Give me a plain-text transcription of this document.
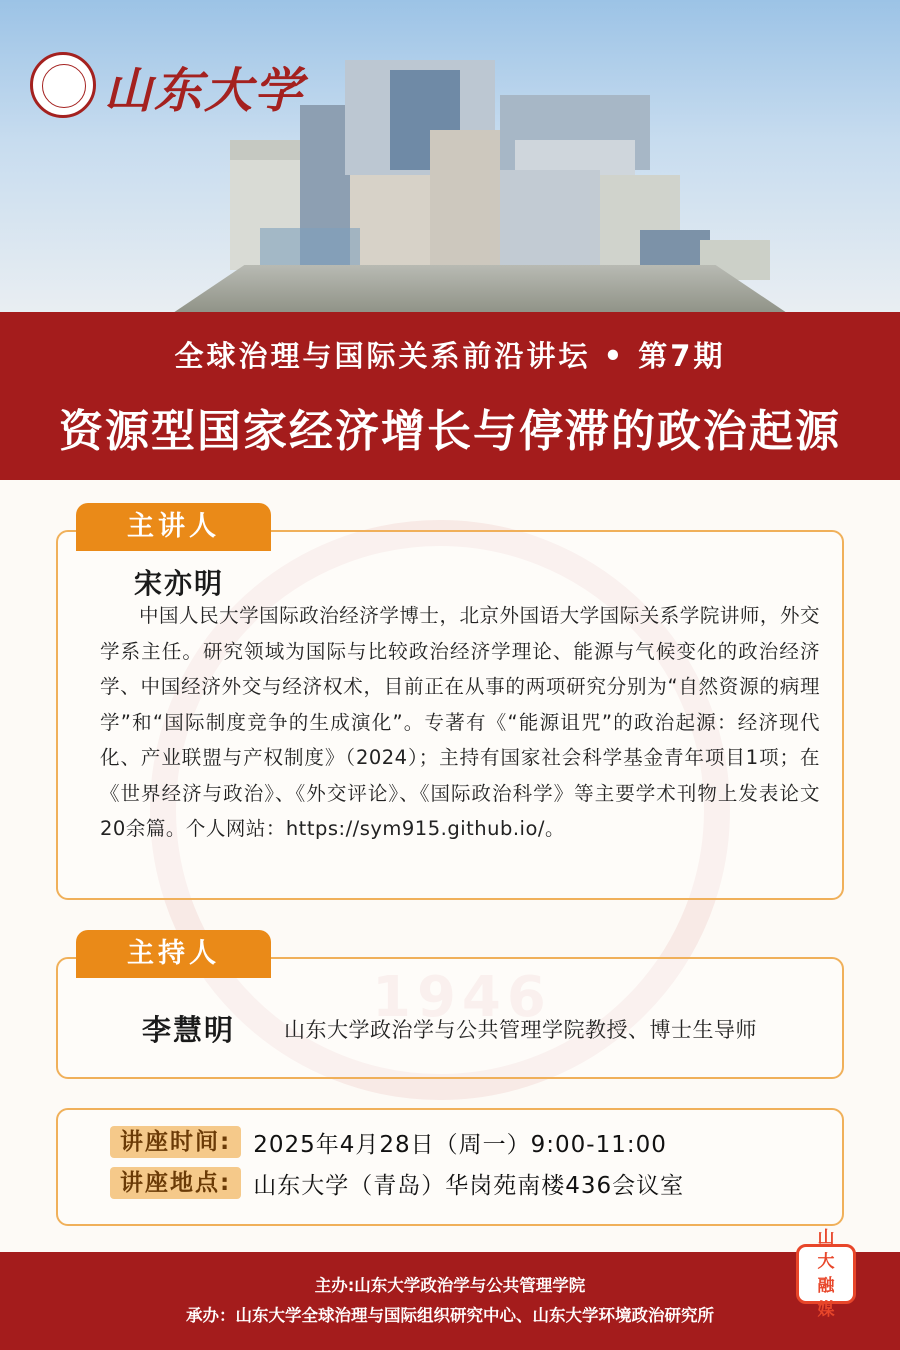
山东大学
全球治理与国际关系前沿讲坛 • 第7期
资源型国家经济增长与停滞的政治起源
1946
主讲人
宋亦明
中国人民大学国际政治经济学博士，北京外国语大学国际关系学院讲师，外交学系主任。研究领域为国际与比较政治经济学理论、能源与气候变化的政治经济学、中国经济外交与经济权术，目前正在从事的两项研究分别为“自然资源的病理学”和“国际制度竞争的生成演化”。专著有《“能源诅咒”的政治起源：经济现代化、产业联盟与产权制度》（2024）；主持有国家社会科学基金青年项目1项；在《世界经济与政治》、《外交评论》、《国际政治科学》等主要学术刊物上发表论文20余篇。个人网站：https://sym915.github.io/。
主持人
李慧明 山东大学政治学与公共管理学院教授、博士生导师
讲座时间: 2025年4月28日（周一）9:00-11:00
讲座地点: 山东大学（青岛）华岗苑南楼436会议室
主办:山东大学政治学与公共管理学院
承办：山东大学全球治理与国际组织研究中心、山东大学环境政治研究所
山
大
融
媒
